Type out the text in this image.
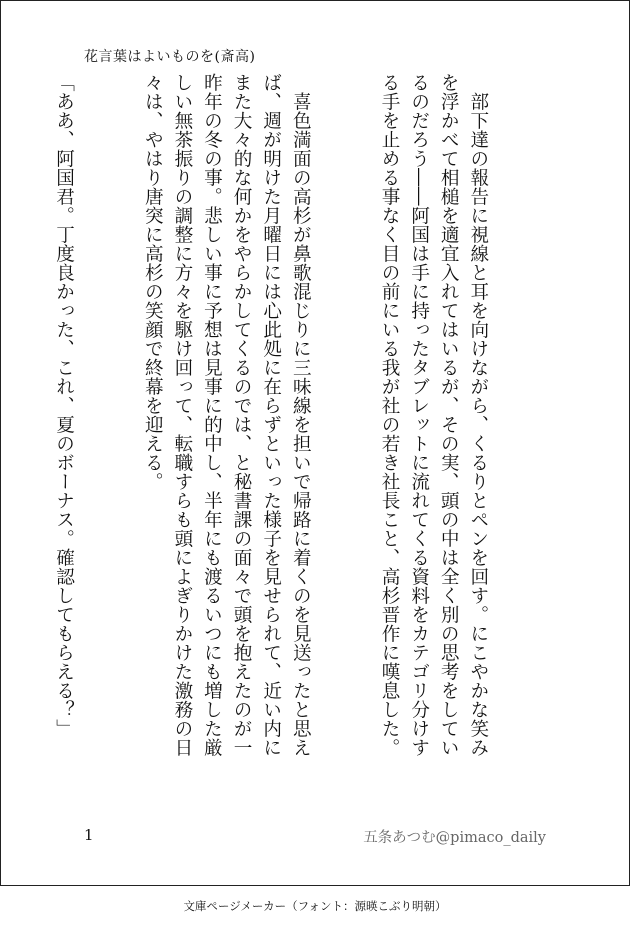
花言葉はよいものを(斎高)

　部下達の報告に視線と耳を向けながら、くるりとペンを回す。にこやかな笑み
を浮かべて相槌を適宜入れてはいるが、その実、頭の中は全く別の思考をしてい
るのだろう――阿国は手に持ったタブレットに流れてくる資料をカテゴリ分けす
る手を止める事なく目の前にいる我が社の若き社長こと、高杉晋作に嘆息した。

　喜色満面の高杉が鼻歌混じりに三味線を担いで帰路に着くのを見送ったと思え
ば、週が明けた月曜日には心此処に在らずといった様子を見せられて、近い内に
また大々的な何かをやらかしてくるのでは、と秘書課の面々で頭を抱えたのが一
昨年の冬の事。悲しい事に予想は見事に的中し、半年にも渡るいつにも増した厳
しい無茶振りの調整に方々を駆け回って、転職すらも頭によぎりかけた激務の日
々は、やはり唐突に高杉の笑顔で終幕を迎える。

「ああ、阿国君。丁度良かった、これ、夏のボーナス。確認してもらえる？」

1	五条あつむ@pimaco_daily
文庫ページメーカー（フォント：源暎こぶり明朝）
